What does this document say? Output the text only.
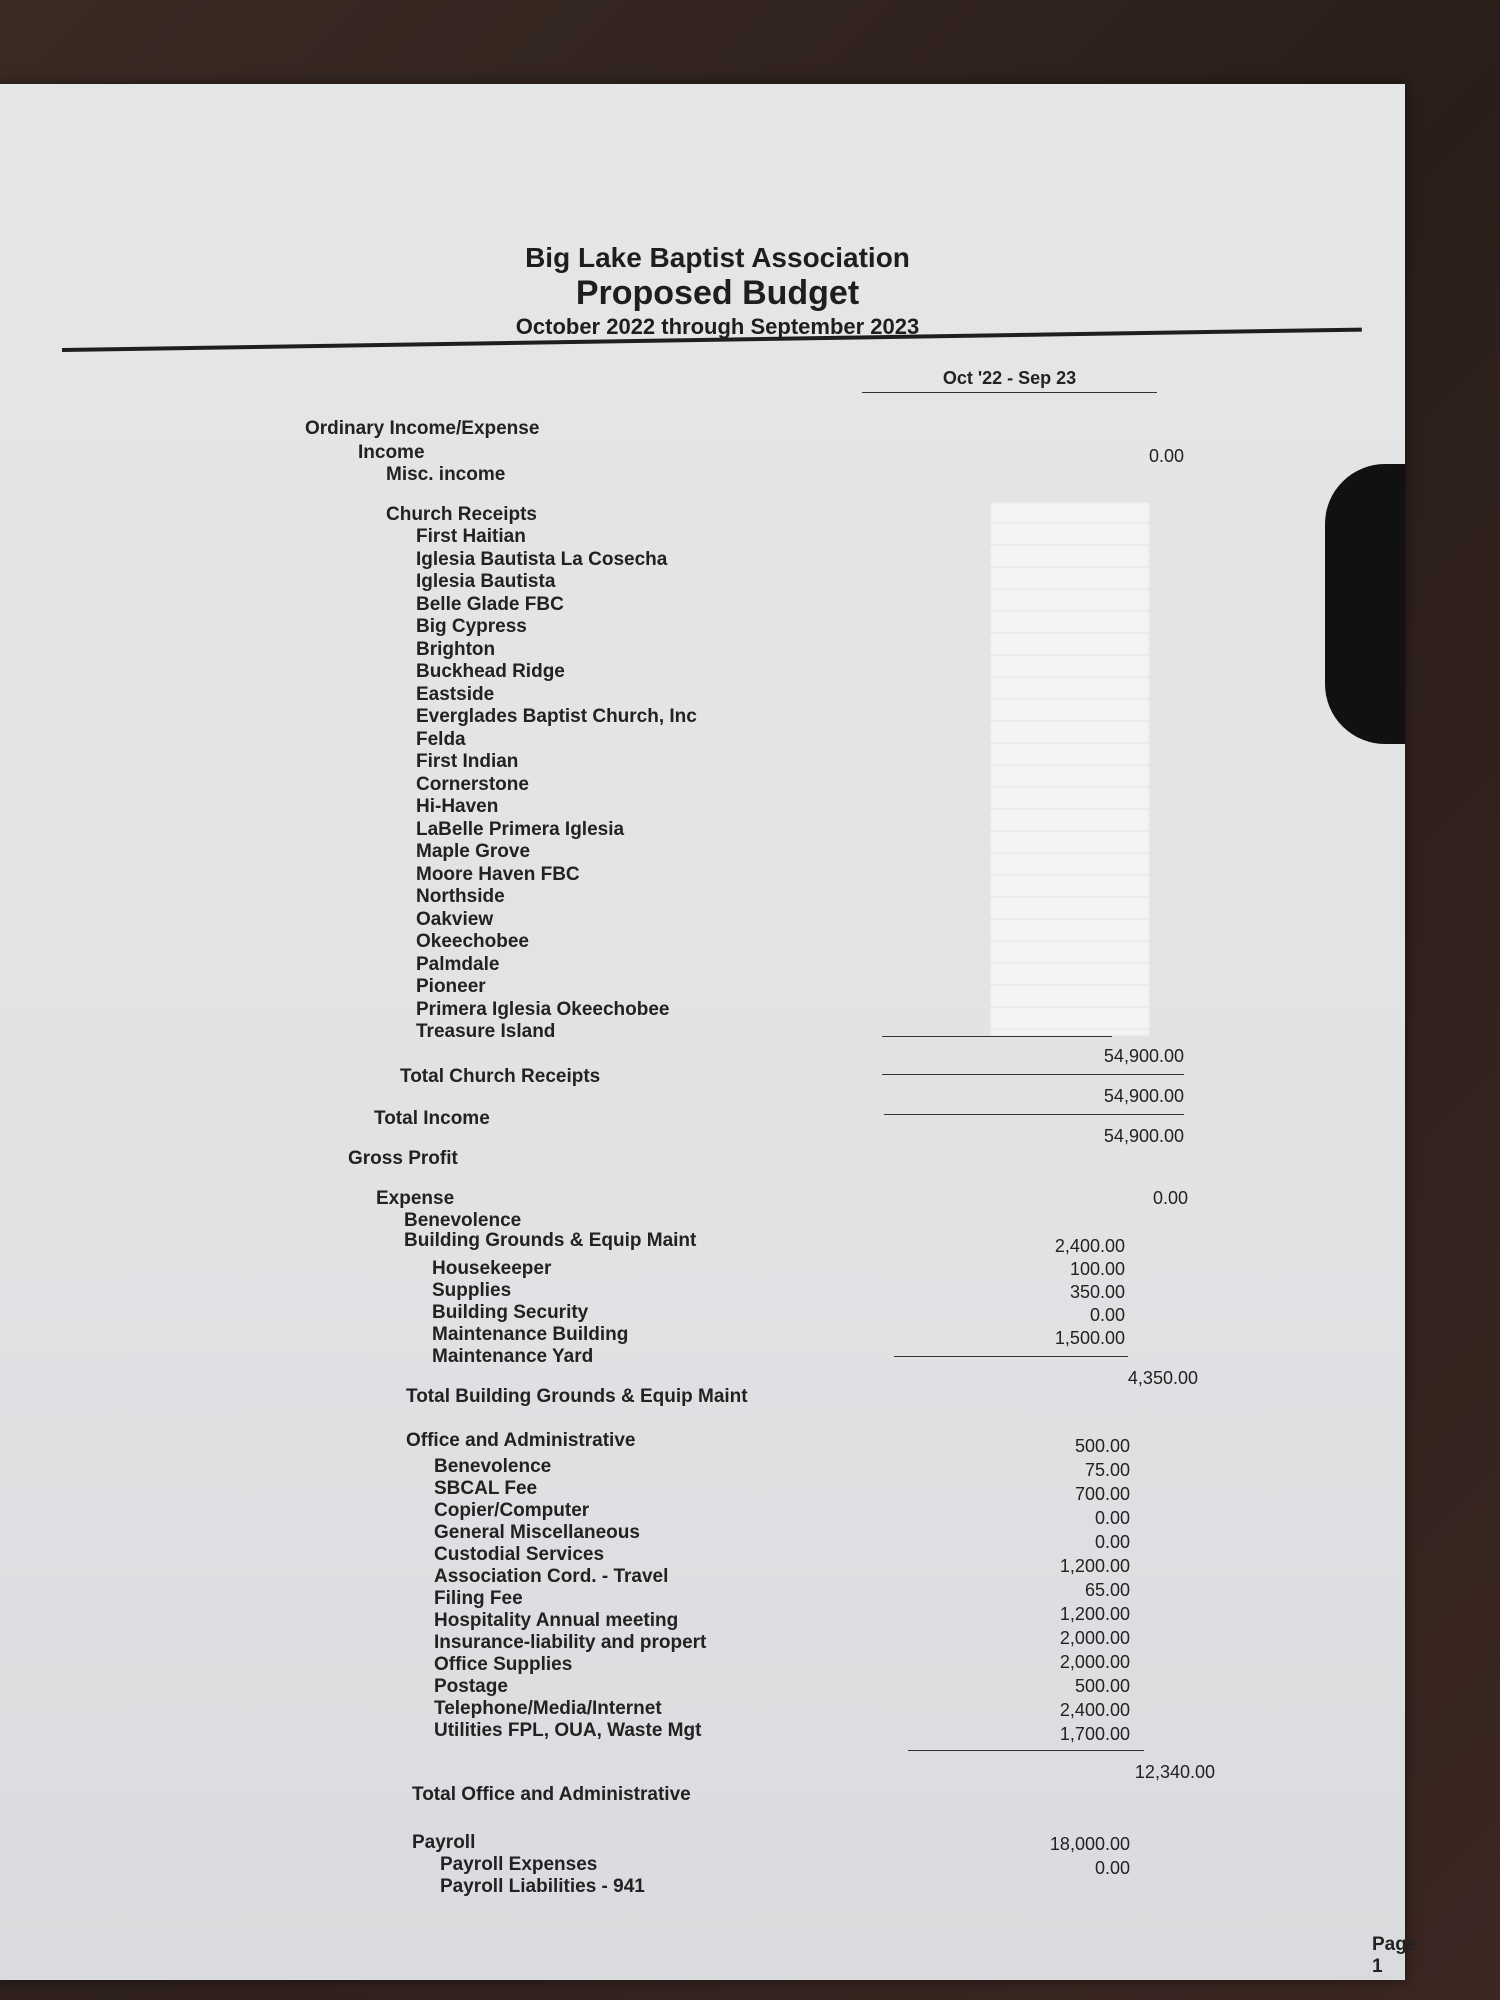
Big Lake Baptist Association
Proposed Budget
October 2022 through September 2023
Oct '22 - Sep 23
Ordinary Income/Expense
Income
Misc. income
0.00
Church Receipts
First Haitian
Iglesia Bautista La Cosecha
Iglesia Bautista
Belle Glade FBC
Big Cypress
Brighton
Buckhead Ridge
Eastside
Everglades Baptist Church, Inc
Felda
First Indian
Cornerstone
Hi-Haven
LaBelle Primera Iglesia
Maple Grove
Moore Haven FBC
Northside
Oakview
Okeechobee
Palmdale
Pioneer
Primera Iglesia Okeechobee
Treasure Island
54,900.00
Total Church Receipts
54,900.00
Total Income
54,900.00
Gross Profit
Expense
Benevolence
0.00
Building Grounds & Equip Maint
Housekeeper
Supplies
Building Security
Maintenance Building
Maintenance Yard
2,400.00
100.00
350.00
0.00
1,500.00
4,350.00
Total Building Grounds & Equip Maint
Office and Administrative
Benevolence
SBCAL Fee
Copier/Computer
General Miscellaneous
Custodial Services
Association Cord. - Travel
Filing Fee
Hospitality Annual meeting
Insurance-liability and propert
Office Supplies
Postage
Telephone/Media/Internet
Utilities FPL, OUA, Waste Mgt
500.00
75.00
700.00
0.00
0.00
1,200.00
65.00
1,200.00
2,000.00
2,000.00
500.00
2,400.00
1,700.00
12,340.00
Total Office and Administrative
Payroll
Payroll Expenses
Payroll Liabilities - 941
18,000.00
0.00
Page 1
